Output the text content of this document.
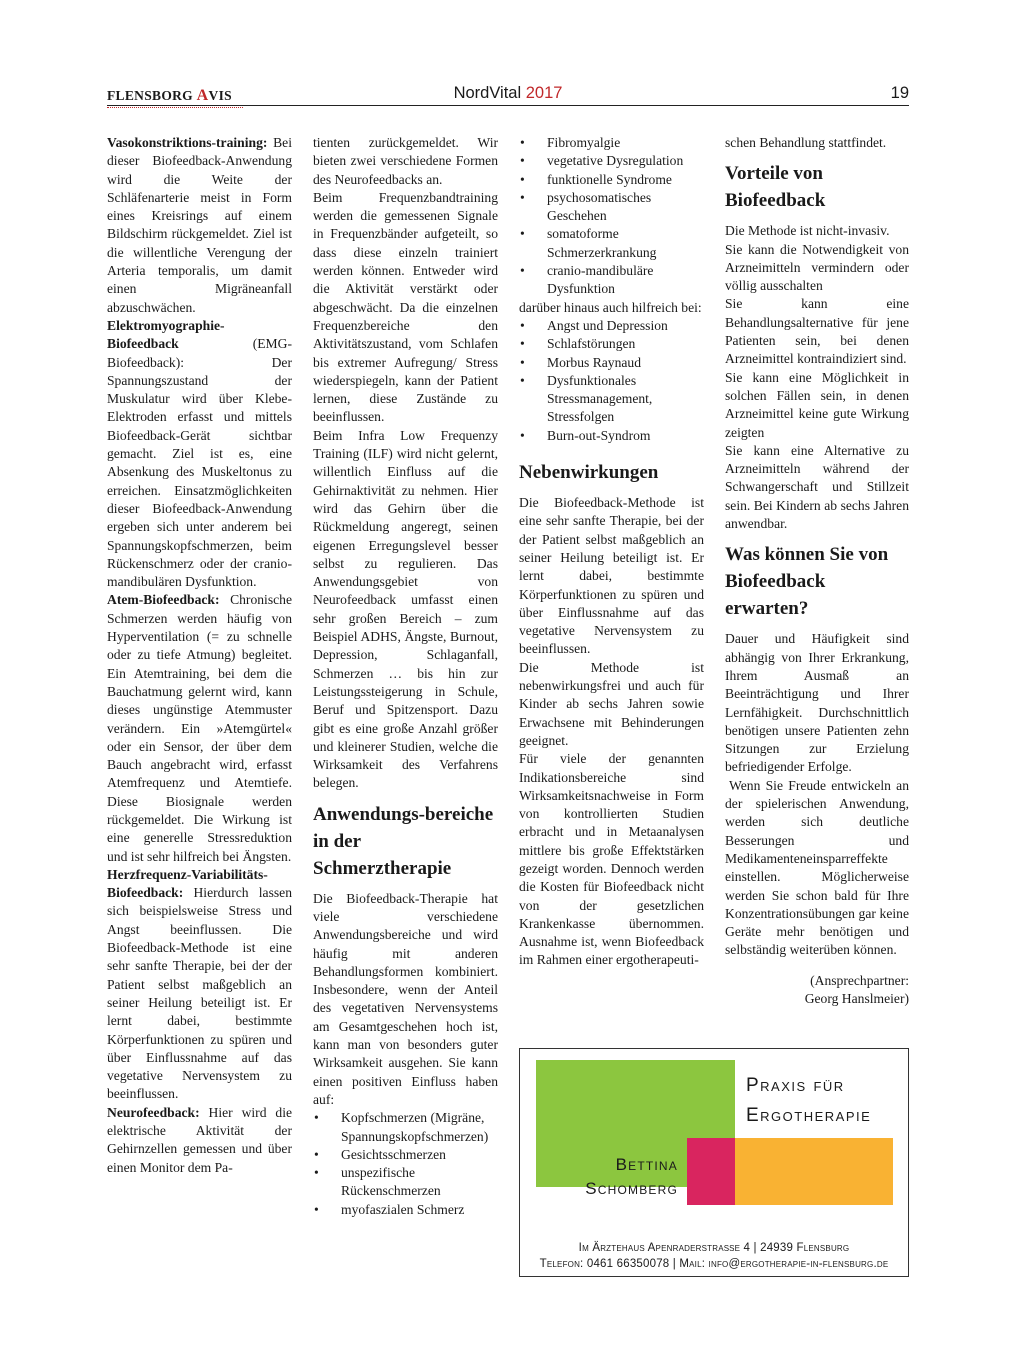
FLENSBORG AVIS	NordVital 2017	19

Vasokonstriktions-training: Bei dieser Biofeedback-Anwendung wird die Weite der Schläfenarterie meist in Form eines Kreisrings auf einem Bildschirm rückgemeldet. Ziel ist die willentliche Verengung der Arteria temporalis, um damit einen Migräneanfall abzuschwächen.

Elektromyographie-Biofeedback (EMG-Biofeedback): Der Spannungszustand der Muskulatur wird über Klebe-Elektroden erfasst und mittels Biofeedback-Gerät sichtbar gemacht. Ziel ist es, eine Absenkung des Muskeltonus zu erreichen. Einsatzmöglichkeiten dieser Biofeedback-Anwendung ergeben sich unter anderem bei Spannungskopfschmerzen, beim Rückenschmerz oder der cranio-mandibulären Dysfunktion.

Atem-Biofeedback: Chronische Schmerzen werden häufig von Hyperventilation (= zu schnelle oder zu tiefe Atmung) begleitet. Ein Atemtraining, bei dem die Bauchatmung gelernt wird, kann dieses ungünstige Atemmuster verändern. Ein »Atemgürtel« oder ein Sensor, der über dem Bauch angebracht wird, erfasst Atemfrequenz und Atemtiefe. Diese Biosignale werden rückgemeldet. Die Wirkung ist eine generelle Stressreduktion und ist sehr hilfreich bei Ängsten.

Herzfrequenz-Variabilitäts-Biofeedback: Hierdurch lassen sich beispielsweise Stress und Angst beeinflussen. Die Biofeedback-Methode ist eine sehr sanfte Therapie, bei der der Patient selbst maßgeblich an seiner Heilung beteiligt ist. Er lernt dabei, bestimmte Körperfunktionen zu spüren und über Einflussnahme auf das vegetative Nervensystem zu beeinflussen.

Neurofeedback: Hier wird die elektrische Aktivität der Gehirnzellen gemessen und über einen Monitor dem Pa-

tienten zurückgemeldet. Wir bieten zwei verschiedene Formen des Neurofeedbacks an.

Beim Frequenzbandtraining werden die gemessenen Signale in Frequenzbänder aufgeteilt, so dass diese einzeln trainiert werden können. Entweder wird die Aktivität verstärkt oder abgeschwächt. Da die einzelnen Frequenzbereiche den Aktivitätszustand, vom Schlafen bis extremer Aufregung/ Stress wiederspiegeln, kann der Patient lernen, diese Zustände zu beeinflussen.

Beim Infra Low Frequenzy Training (ILF) wird nicht gelernt, willentlich Einfluss auf die Gehirnaktivität zu nehmen. Hier wird das Gehirn über die Rückmeldung angeregt, seinen eigenen Erregungslevel besser selbst zu regulieren. Das Anwendungsgebiet von Neurofeedback umfasst einen sehr großen Bereich – zum Beispiel ADHS, Ängste, Burnout, Depression, Schlaganfall, Schmerzen … bis hin zur Leistungssteigerung in Schule, Beruf und Spitzensport. Dazu gibt es eine große Anzahl größer und kleinerer Studien, welche die Wirksamkeit des Verfahrens belegen.

Anwendungs-bereiche in der Schmerztherapie

Die Biofeedback-Therapie hat viele verschiedene Anwendungsbereiche und wird häufig mit anderen Behandlungsformen kombiniert. Insbesondere, wenn der Anteil des vegetativen Nervensystems am Gesamtgeschehen hoch ist, kann man von besonders guter Wirksamkeit ausgehen. Sie kann einen positiven Einfluss haben auf:

• Kopfschmerzen (Migräne, Spannungskopfschmerzen)
• Gesichtsschmerzen
• unspezifische Rückenschmerzen
• myofaszialen Schmerz
• Fibromyalgie
• vegetative Dysregulation
• funktionelle Syndrome
• psychosomatisches Geschehen
• somatoforme Schmerzerkrankung
• cranio-mandibuläre Dysfunktion

darüber hinaus auch hilfreich bei:

• Angst und Depression
• Schlafstörungen
• Morbus Raynaud
• Dysfunktionales Stressmanagement, Stressfolgen
• Burn-out-Syndrom
Nebenwirkungen

Die Biofeedback-Methode ist eine sehr sanfte Therapie, bei der der Patient selbst maßgeblich an seiner Heilung beteiligt ist. Er lernt dabei, bestimmte Körperfunktionen zu spüren und über Einflussnahme auf das vegetative Nervensystem zu beeinflussen.

Die Methode ist nebenwirkungsfrei und auch für Kinder ab sechs Jahren sowie Erwachsene mit Behinderungen geeignet.

Für viele der genannten Indikationsbereiche sind Wirksamkeitsnachweise in Form von kontrollierten Studien erbracht und in Metaanalysen mittlere bis große Effektstärken gezeigt worden. Dennoch werden die Kosten für Biofeedback nicht von der gesetzlichen Krankenkasse übernommen. Ausnahme ist, wenn Biofeedback im Rahmen einer ergotherapeuti-

schen Behandlung stattfindet.

Vorteile von Biofeedback

Die Methode ist nicht-invasiv.

Sie kann die Notwendigkeit von Arzneimitteln vermindern oder völlig ausschalten

Sie kann eine Behandlungsalternative für jene Patienten sein, bei denen Arzneimittel kontraindiziert sind.

Sie kann eine Möglichkeit in solchen Fällen sein, in denen Arzneimittel keine gute Wirkung zeigten

Sie kann eine Alternative zu Arzneimitteln während der Schwangerschaft und Stillzeit sein. Bei Kindern ab sechs Jahren anwendbar.

Was können Sie von Biofeedback erwarten?

Dauer und Häufigkeit sind abhängig von Ihrer Erkrankung, Ihrem Ausmaß an Beeinträchtigung und Ihrer Lernfähigkeit. Durchschnittlich benötigen unsere Patienten zehn Sitzungen zur Erzielung befriedigender Erfolge.

Wenn Sie Freude entwickeln an der spielerischen Anwendung, werden sich deutliche Besserungen und Medikamenteneinsparreffekte einstellen. Möglicherweise werden Sie schon bald für Ihre Konzentrationsübungen gar keine Geräte mehr benötigen und selbständig weiterüben können.

(Ansprechpartner:

Georg Hanslmeier)

Praxis für
Ergotherapie
Bettina
Schomberg
Im Ärztehaus Apenraderstraße 4 | 24939 Flensburg
Telefon: 0461 66350078 | Mail: info@ergotherapie-in-flensburg.de
